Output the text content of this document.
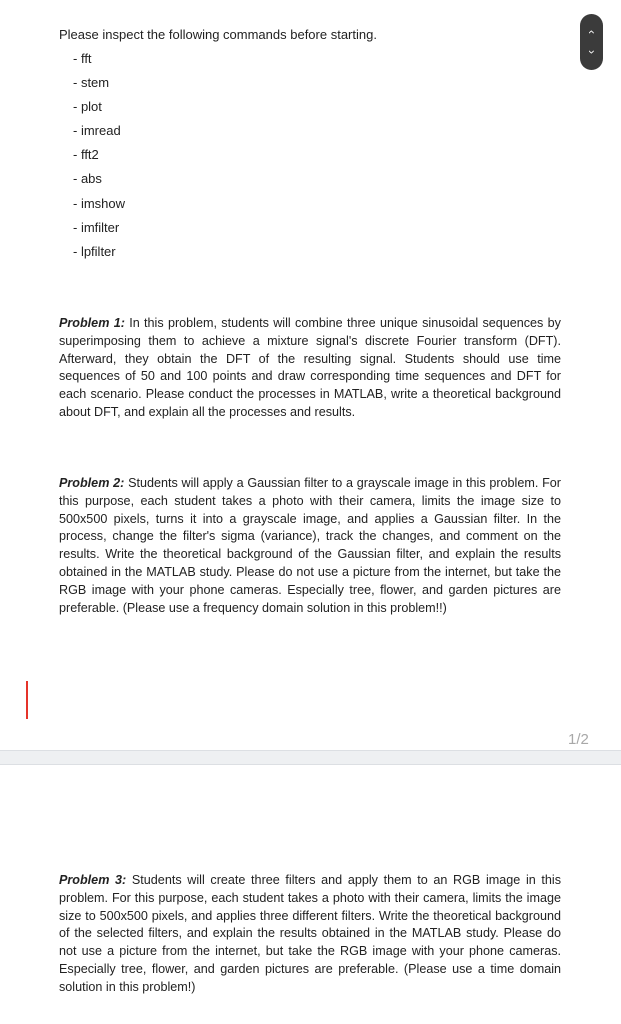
Please inspect the following commands before starting.

- fft
- stem
- plot
- imread
- fft2
- abs
- imshow
- imfilter
- lpfilter

Problem 1: In this problem, students will combine three unique sinusoidal sequences by superimposing them to achieve a mixture signal's discrete Fourier transform (DFT). Afterward, they obtain the DFT of the resulting signal. Students should use time sequences of 50 and 100 points and draw corresponding time sequences and DFT for each scenario. Please conduct the processes in MATLAB, write a theoretical background about DFT, and explain all the processes and results.

Problem 2: Students will apply a Gaussian filter to a grayscale image in this problem. For this purpose, each student takes a photo with their camera, limits the image size to 500x500 pixels, turns it into a grayscale image, and applies a Gaussian filter. In the process, change the filter's sigma (variance), track the changes, and comment on the results. Write the theoretical background of the Gaussian filter, and explain the results obtained in the MATLAB study. Please do not use a picture from the internet, but take the RGB image with your phone cameras. Especially tree, flower, and garden pictures are preferable. (Please use a frequency domain solution in this problem!!)

1/2

Problem 3: Students will create three filters and apply them to an RGB image in this problem. For this purpose, each student takes a photo with their camera, limits the image size to 500x500 pixels, and applies three different filters. Write the theoretical background of the selected filters, and explain the results obtained in the MATLAB study. Please do not use a picture from the internet, but take the RGB image with your phone cameras. Especially tree, flower, and garden pictures are preferable. (Please use a time domain solution in this problem!)

‹
›
